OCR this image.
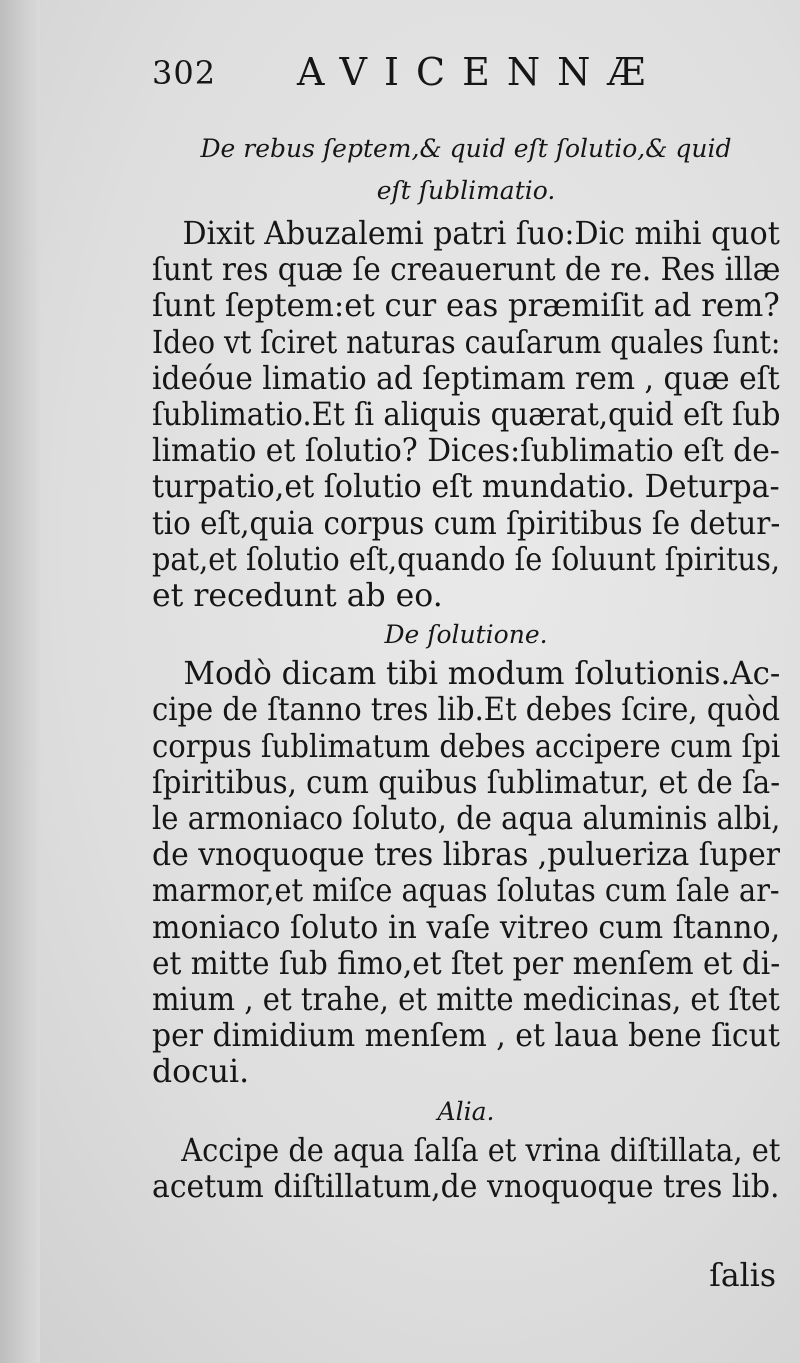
302 AVICENNÆ

De rebus ſeptem,& quid eſt ſolutio,& quid

eſt ſublimatio.

Dixit Abuzalemi patri ſuo:Dic mihi quot

ſunt res quæ ſe creauerunt de re. Res illæ

ſunt ſeptem:et cur eas præmiſit ad rem?

Ideo vt ſciret naturas cauſarum quales ſunt:

ideóue limatio ad ſeptimam rem , quæ eſt

ſublimatio.Et ſi aliquis quærat,quid eſt ſub

limatio et ſolutio? Dices:ſublimatio eſt de-

turpatio,et ſolutio eſt mundatio. Deturpa-

tio eſt,quia corpus cum ſpiritibus ſe detur-

pat,et ſolutio eſt,quando ſe ſoluunt ſpiritus,

et recedunt ab eo.

De ſolutione.

Modò dicam tibi modum ſolutionis.Ac-

cipe de ſtanno tres lib.Et debes ſcire, quòd

corpus ſublimatum debes accipere cum ſpi

ſpiritibus, cum quibus ſublimatur, et de ſa-

le armoniaco ſoluto, de aqua aluminis albi,

de vnoquoque tres libras ,pulueriza ſuper

marmor,et miſce aquas ſolutas cum ſale ar-

moniaco ſoluto in vaſe vitreo cum ſtanno,

et mitte ſub fimo,et ſtet per menſem et di-

mium , et trahe, et mitte medicinas, et ſtet

per dimidium menſem , et laua bene ſicut

docui.

Alia.

Accipe de aqua ſalſa et vrina diſtillata, et

acetum diſtillatum,de vnoquoque tres lib.

ſalis
